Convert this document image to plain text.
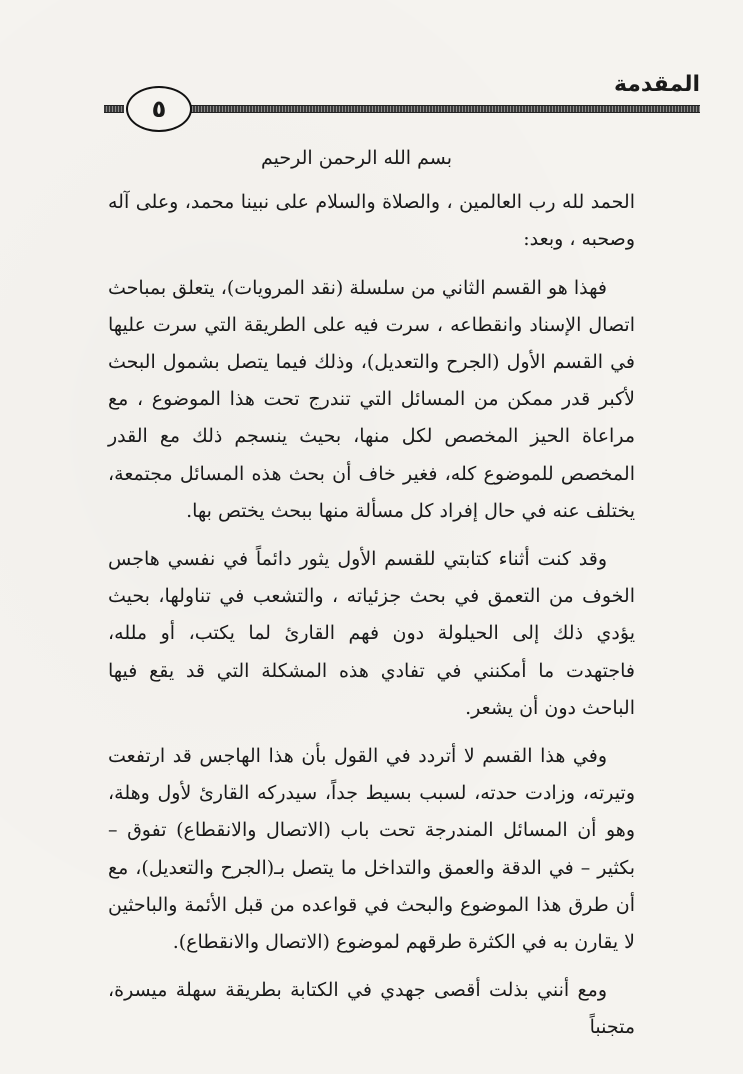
المقدمة
٥

بسم الله الرحمن الرحيم

الحمد لله رب العالمين ، والصلاة والسلام على نبينا محمد، وعلى آله وصحبه ، وبعد:

فهذا هو القسم الثاني من سلسلة (نقد المرويات)، يتعلق بمباحث اتصال الإسناد وانقطاعه ، سرت فيه على الطريقة التي سرت عليها في القسم الأول (الجرح والتعديل)، وذلك فيما يتصل بشمول البحث لأكبر قدر ممكن من المسائل التي تندرج تحت هذا الموضوع ، مع مراعاة الحيز المخصص لكل منها، بحيث ينسجم ذلك مع القدر المخصص للموضوع كله، فغير خاف أن بحث هذه المسائل مجتمعة، يختلف عنه في حال إفراد كل مسألة منها ببحث يختص بها.

وقد كنت أثناء كتابتي للقسم الأول يثور دائماً في نفسي هاجس الخوف من التعمق في بحث جزئياته ، والتشعب في تناولها، بحيث يؤدي ذلك إلى الحيلولة دون فهم القارئ لما يكتب، أو ملله، فاجتهدت ما أمكنني في تفادي هذه المشكلة التي قد يقع فيها الباحث دون أن يشعر.

وفي هذا القسم لا أتردد في القول بأن هذا الهاجس قد ارتفعت وتيرته، وزادت حدته، لسبب بسيط جداً، سيدركه القارئ لأول وهلة، وهو أن المسائل المندرجة تحت باب (الاتصال والانقطاع) تفوق – بكثير – في الدقة والعمق والتداخل ما يتصل بـ(الجرح والتعديل)، مع أن طرق هذا الموضوع والبحث في قواعده من قبل الأئمة والباحثين لا يقارن به في الكثرة طرقهم لموضوع (الاتصال والانقطاع).

ومع أنني بذلت أقصى جهدي في الكتابة بطريقة سهلة ميسرة، متجنباً
